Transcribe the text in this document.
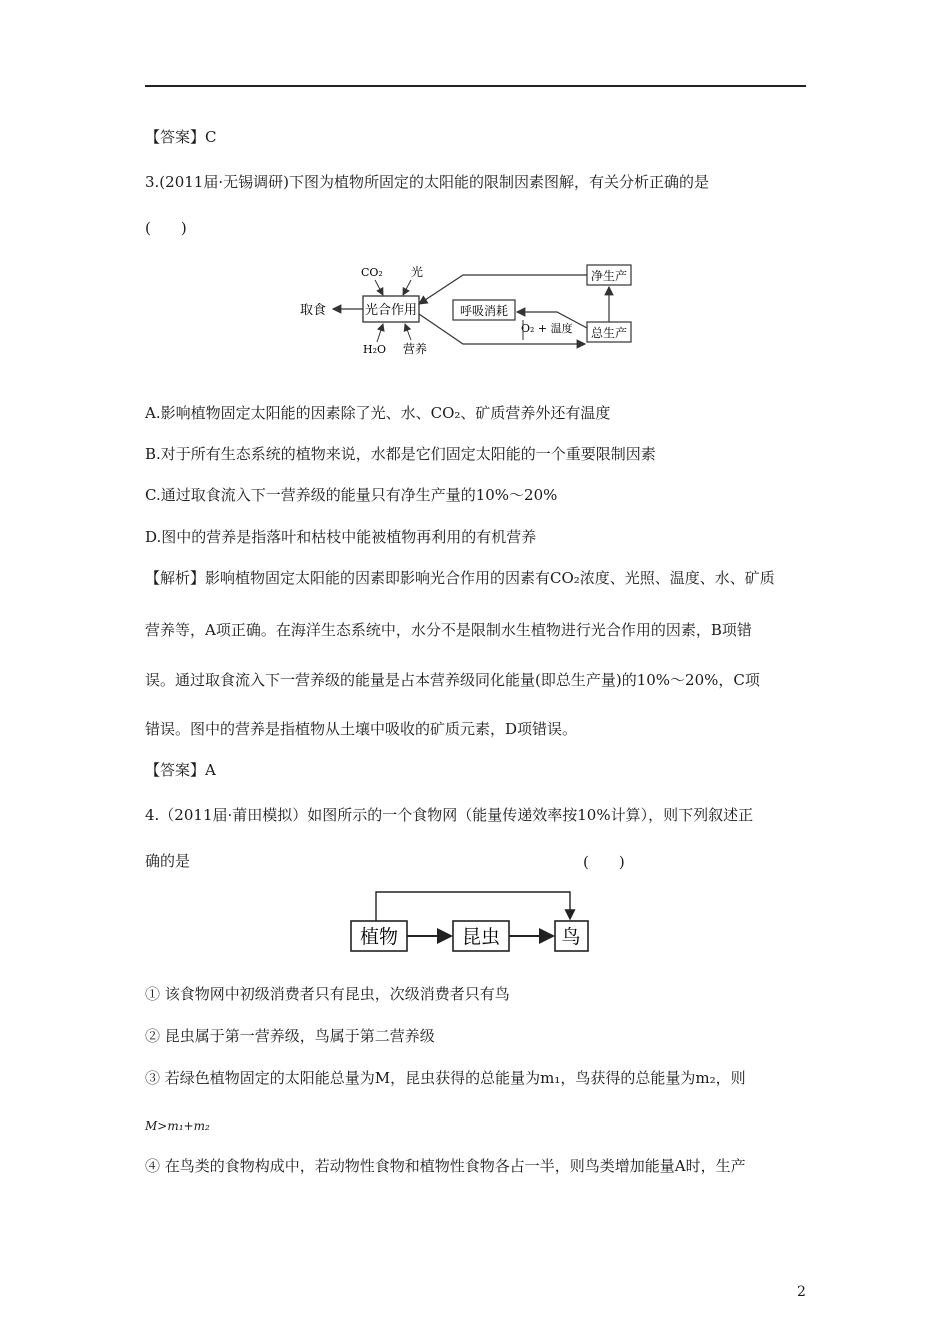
【答案】C
3.(2011届·无锡调研)下图为植物所固定的太阳能的限制因素图解，有关分析正确的是
(　　)
光合作用
CO₂ 光
取食
H₂O 营养
呼吸消耗
净生产
总生产
O₂ + 温度
A.影响植物固定太阳能的因素除了光、水、CO₂、矿质营养外还有温度
B.对于所有生态系统的植物来说，水都是它们固定太阳能的一个重要限制因素
C.通过取食流入下一营养级的能量只有净生产量的10%～20%
D.图中的营养是指落叶和枯枝中能被植物再利用的有机营养
【解析】影响植物固定太阳能的因素即影响光合作用的因素有CO₂浓度、光照、温度、水、矿质
营养等，A项正确。在海洋生态系统中，水分不是限制水生植物进行光合作用的因素，B项错
误。通过取食流入下一营养级的能量是占本营养级同化能量(即总生产量)的10%～20%，C项
错误。图中的营养是指植物从土壤中吸收的矿质元素，D项错误。
【答案】A
4.（2011届·莆田模拟）如图所示的一个食物网（能量传递效率按10%计算），则下列叙述正
确的是	(　　)
植物	昆虫	鸟
① 该食物网中初级消费者只有昆虫，次级消费者只有鸟
② 昆虫属于第一营养级，鸟属于第二营养级
③ 若绿色植物固定的太阳能总量为M，昆虫获得的总能量为m₁，鸟获得的总能量为m₂，则
M>m₁+m₂
④ 在鸟类的食物构成中，若动物性食物和植物性食物各占一半，则鸟类增加能量A时，生产
2
